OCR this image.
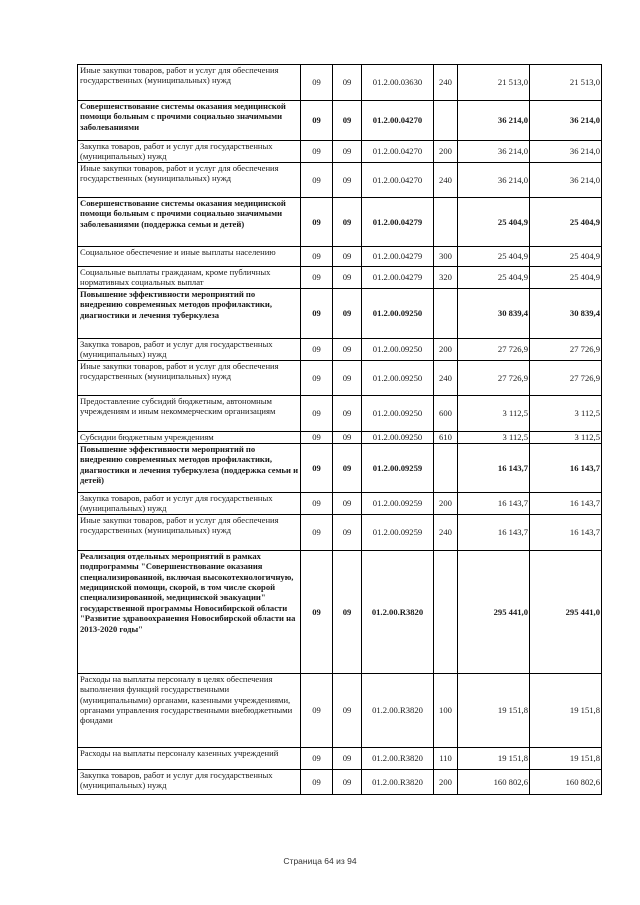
Иные закупки товаров, работ и услуг для обеспечения государственных (муниципальных) нужд	09	09	01.2.00.03630	240	21 513,0	21 513,0
Совершенствование системы оказания медицинской помощи больным с прочими социально значимыми заболеваниями	09	09	01.2.00.04270		36 214,0	36 214,0
Закупка товаров, работ и услуг для государственных (муниципальных) нужд	09	09	01.2.00.04270	200	36 214,0	36 214,0
Иные закупки товаров, работ и услуг для обеспечения государственных (муниципальных) нужд	09	09	01.2.00.04270	240	36 214,0	36 214,0
Совершенствование системы оказания медицинской помощи больным с прочими социально значимыми заболеваниями (поддержка семьи и детей)	09	09	01.2.00.04279		25 404,9	25 404,9
Социальное обеспечение и иные выплаты населению	09	09	01.2.00.04279	300	25 404,9	25 404,9
Социальные выплаты гражданам, кроме публичных нормативных социальных выплат	09	09	01.2.00.04279	320	25 404,9	25 404,9
Повышение эффективности мероприятий по внедрению современных методов профилактики, диагностики и лечения туберкулеза	09	09	01.2.00.09250		30 839,4	30 839,4
Закупка товаров, работ и услуг для государственных (муниципальных) нужд	09	09	01.2.00.09250	200	27 726,9	27 726,9
Иные закупки товаров, работ и услуг для обеспечения государственных (муниципальных) нужд	09	09	01.2.00.09250	240	27 726,9	27 726,9
Предоставление субсидий бюджетным, автономным учреждениям и иным некоммерческим организациям	09	09	01.2.00.09250	600	3 112,5	3 112,5
Субсидии бюджетным учреждениям	09	09	01.2.00.09250	610	3 112,5	3 112,5
Повышение эффективности мероприятий по внедрению современных методов профилактики, диагностики и лечения туберкулеза (поддержка семьи и детей)	09	09	01.2.00.09259		16 143,7	16 143,7
Закупка товаров, работ и услуг для государственных (муниципальных) нужд	09	09	01.2.00.09259	200	16 143,7	16 143,7
Иные закупки товаров, работ и услуг для обеспечения государственных (муниципальных) нужд	09	09	01.2.00.09259	240	16 143,7	16 143,7
Реализация отдельных мероприятий в рамках подпрограммы "Совершенствование оказания специализированной, включая высокотехнологичную, медицинской помощи, скорой, в том числе скорой специализированной, медицинской эвакуации" государственной программы Новосибирской области "Развитие здравоохранения Новосибирской области на 2013-2020 годы"	09	09	01.2.00.R3820		295 441,0	295 441,0
Расходы на выплаты персоналу в целях обеспечения выполнения функций государственными (муниципальными) органами, казенными учреждениями, органами управления государственными внебюджетными фондами	09	09	01.2.00.R3820	100	19 151,8	19 151,8
Расходы на выплаты персоналу казенных учреждений	09	09	01.2.00.R3820	110	19 151,8	19 151,8
Закупка товаров, работ и услуг для государственных (муниципальных) нужд	09	09	01.2.00.R3820	200	160 802,6	160 802,6
Страница 64 из 94
